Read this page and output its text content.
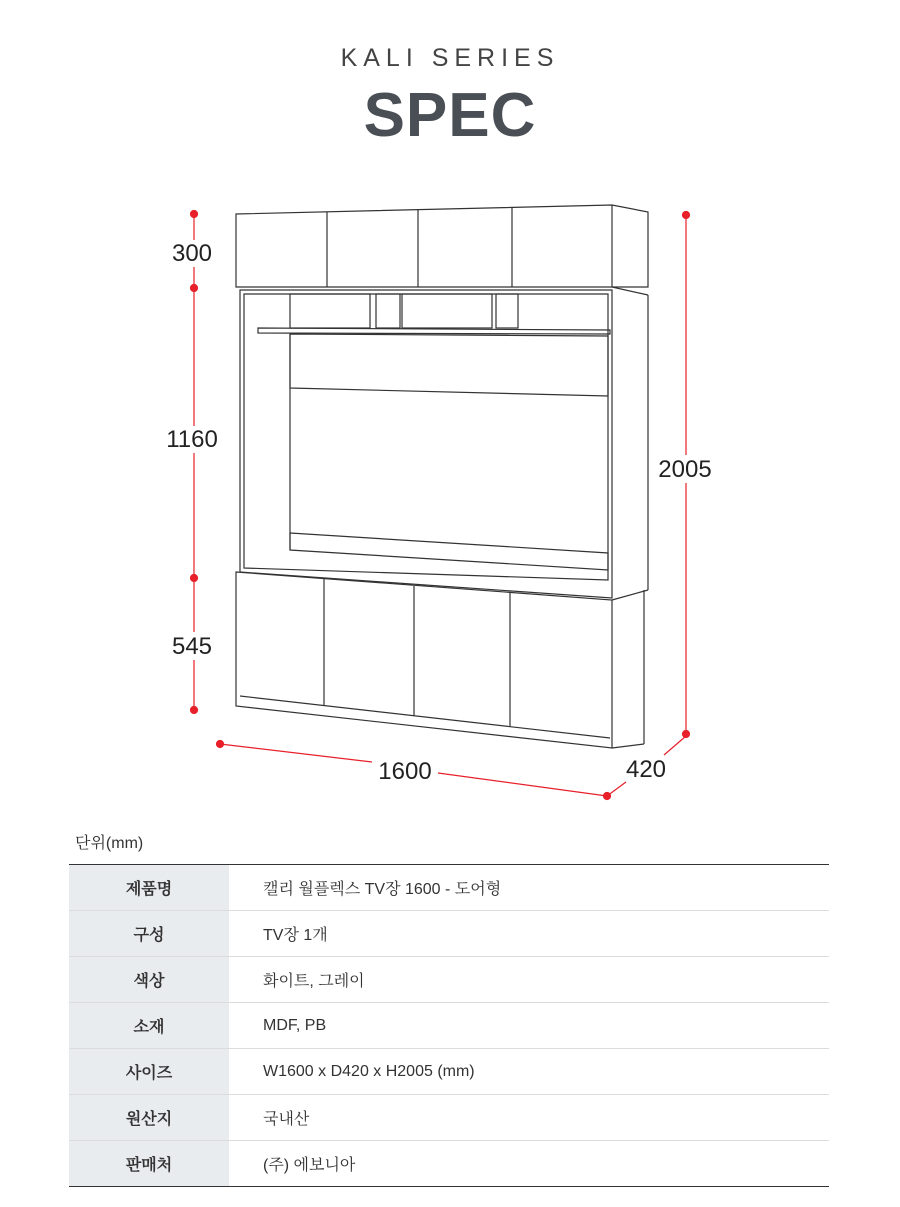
KALI SERIES
SPEC
300
1160
545
2005
1600	420
단위(mm)
제품명	캘리 월플렉스 TV장 1600 - 도어형
구성	TV장 1개
색상	화이트, 그레이
소재	MDF, PB
사이즈	W1600 x D420 x H2005 (mm)
원산지	국내산
판매처	(주) 에보니아
